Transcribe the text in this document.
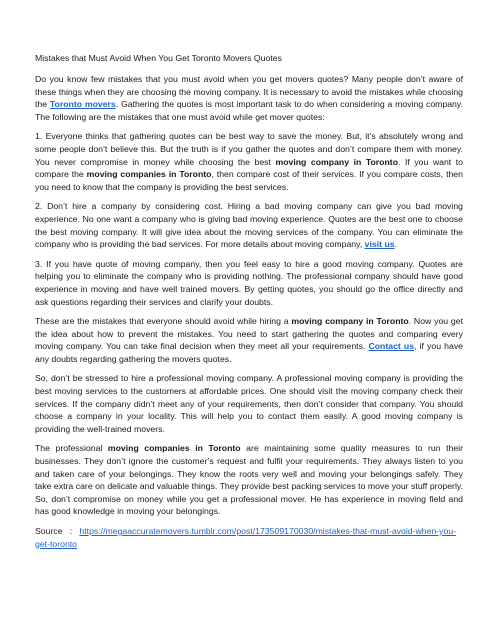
Mistakes that Must Avoid When You Get Toronto Movers Quotes

Do you know few mistakes that you must avoid when you get movers quotes? Many people don’t aware of these things when they are choosing the moving company. It is necessary to avoid the mistakes while choosing the Toronto movers. Gathering the quotes is most important task to do when considering a moving company. The following are the mistakes that one must avoid while get mover quotes:

1. Everyone thinks that gathering quotes can be best way to save the money. But, it’s absolutely wrong and some people don’t believe this. But the truth is if you gather the quotes and don’t compare them with money. You never compromise in money while choosing the best moving company in Toronto. If you want to compare the moving companies in Toronto, then compare cost of their services. If you compare costs, then you need to know that the company is providing the best services.

2. Don’t hire a company by considering cost. Hiring a bad moving company can give you bad moving experience. No one want a company who is giving bad moving experience. Quotes are the best one to choose the best moving company. It will give idea about the moving services of the company. You can eliminate the company who is providing the bad services. For more details about moving company, visit us.

3. If you have quote of moving company, then you feel easy to hire a good moving company. Quotes are helping you to eliminate the company who is providing nothing. The professional company should have good experience in moving and have well trained movers. By getting quotes, you should go the office directly and ask questions regarding their services and clarify your doubts.

These are the mistakes that everyone should avoid while hiring a moving company in Toronto. Now you get the idea about how to prevent the mistakes. You need to start gathering the quotes and comparing every moving company. You can take final decision when they meet all your requirements. Contact us, if you have any doubts regarding gathering the movers quotes.

So, don’t be stressed to hire a professional moving company. A professional moving company is providing the best moving services to the customers at affordable prices. One should visit the moving company check their services. If the company didn’t meet any of your requirements, then don’t consider that company. You should choose a company in your locality. This will help you to contact them easily. A good moving company is providing the well-trained movers.

The professional moving companies in Toronto are maintaining some quality measures to run their businesses. They don’t ignore the customer’s request and fulfil your requirements. They always listen to you and taken care of your belongings. They know the roots very well and moving your belongings safely. They take extra care on delicate and valuable things. They provide best packing services to move your stuff properly. So, don’t compromise on money while you get a professional mover. He has experience in moving field and has good knowledge in moving your belongings.

Source   :   https://megaaccuratemovers.tumblr.com/post/173509170030/mistakes-that-must-avoid-when-you-get-toronto
